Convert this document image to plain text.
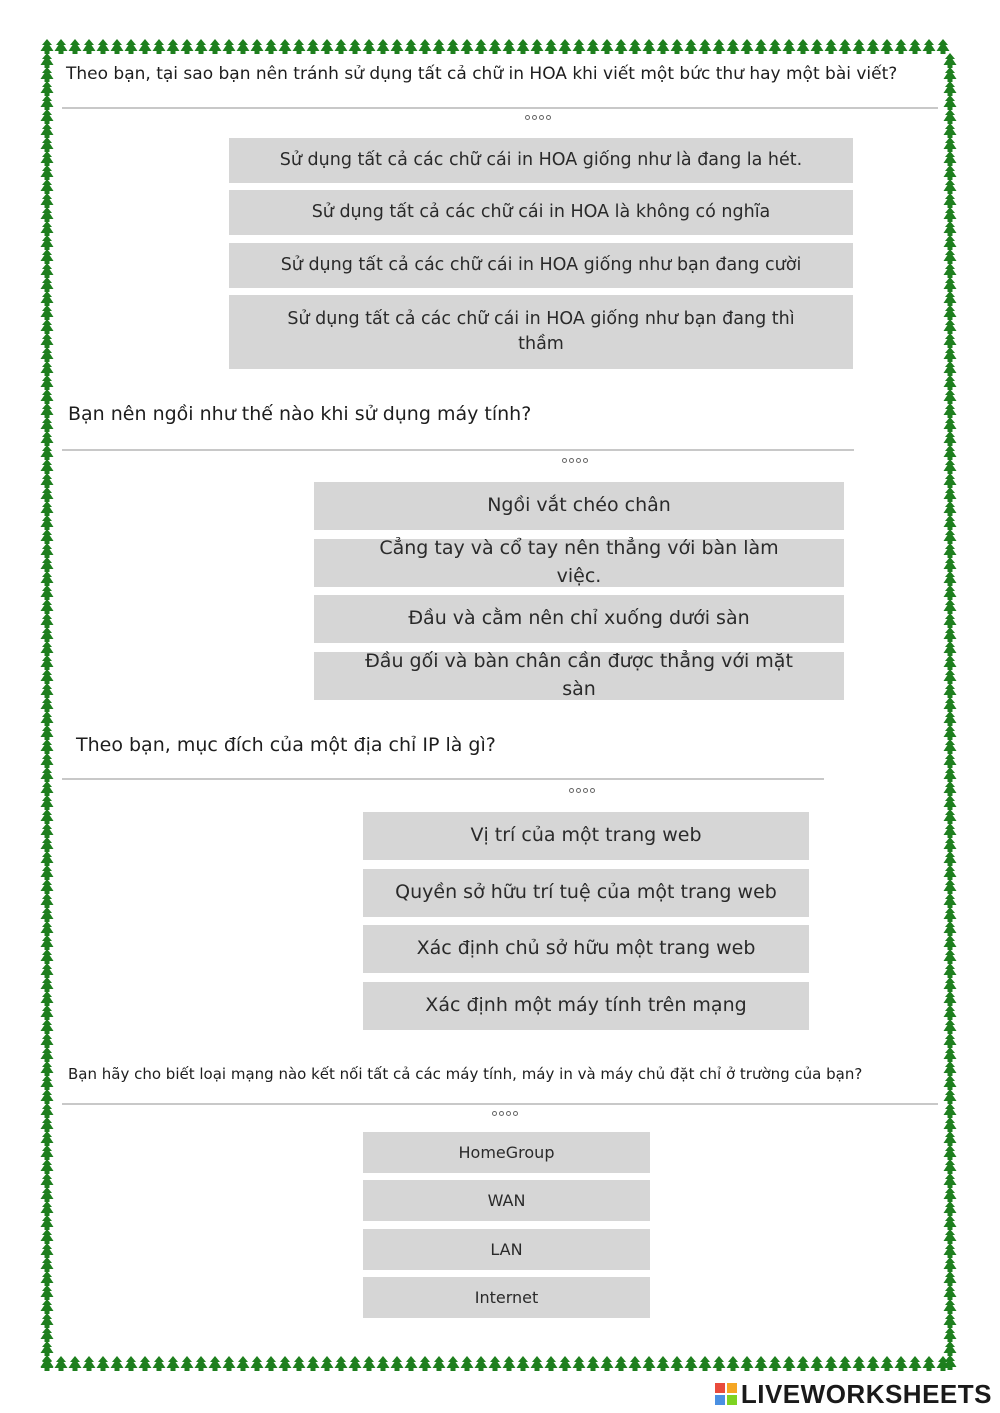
Theo bạn, tại sao bạn nên tránh sử dụng tất cả chữ in HOA khi viết một bức thư hay một bài viết?
Sử dụng tất cả các chữ cái in HOA giống như là đang la hét.
Sử dụng tất cả các chữ cái in HOA là không có nghĩa
Sử dụng tất cả các chữ cái in HOA giống như bạn đang cười
Sử dụng tất cả các chữ cái in HOA giống như bạn đang thì thầm
Bạn nên ngồi như thế nào khi sử dụng máy tính?
Ngồi vắt chéo chân
Cẳng tay và cổ tay nên thẳng với bàn làm việc.
Đầu và cằm nên chỉ xuống dưới sàn
Đầu gối và bàn chân cần được thẳng với mặt sàn
Theo bạn, mục đích của một địa chỉ IP là gì?
Vị trí của một trang web
Quyền sở hữu trí tuệ của một trang web
Xác định chủ sở hữu một trang web
Xác định một máy tính trên mạng
Bạn hãy cho biết loại mạng nào kết nối tất cả các máy tính, máy in và máy chủ đặt chỉ ở trường của bạn?
HomeGroup
WAN
LAN
Internet
LIVEWORKSHEETS
